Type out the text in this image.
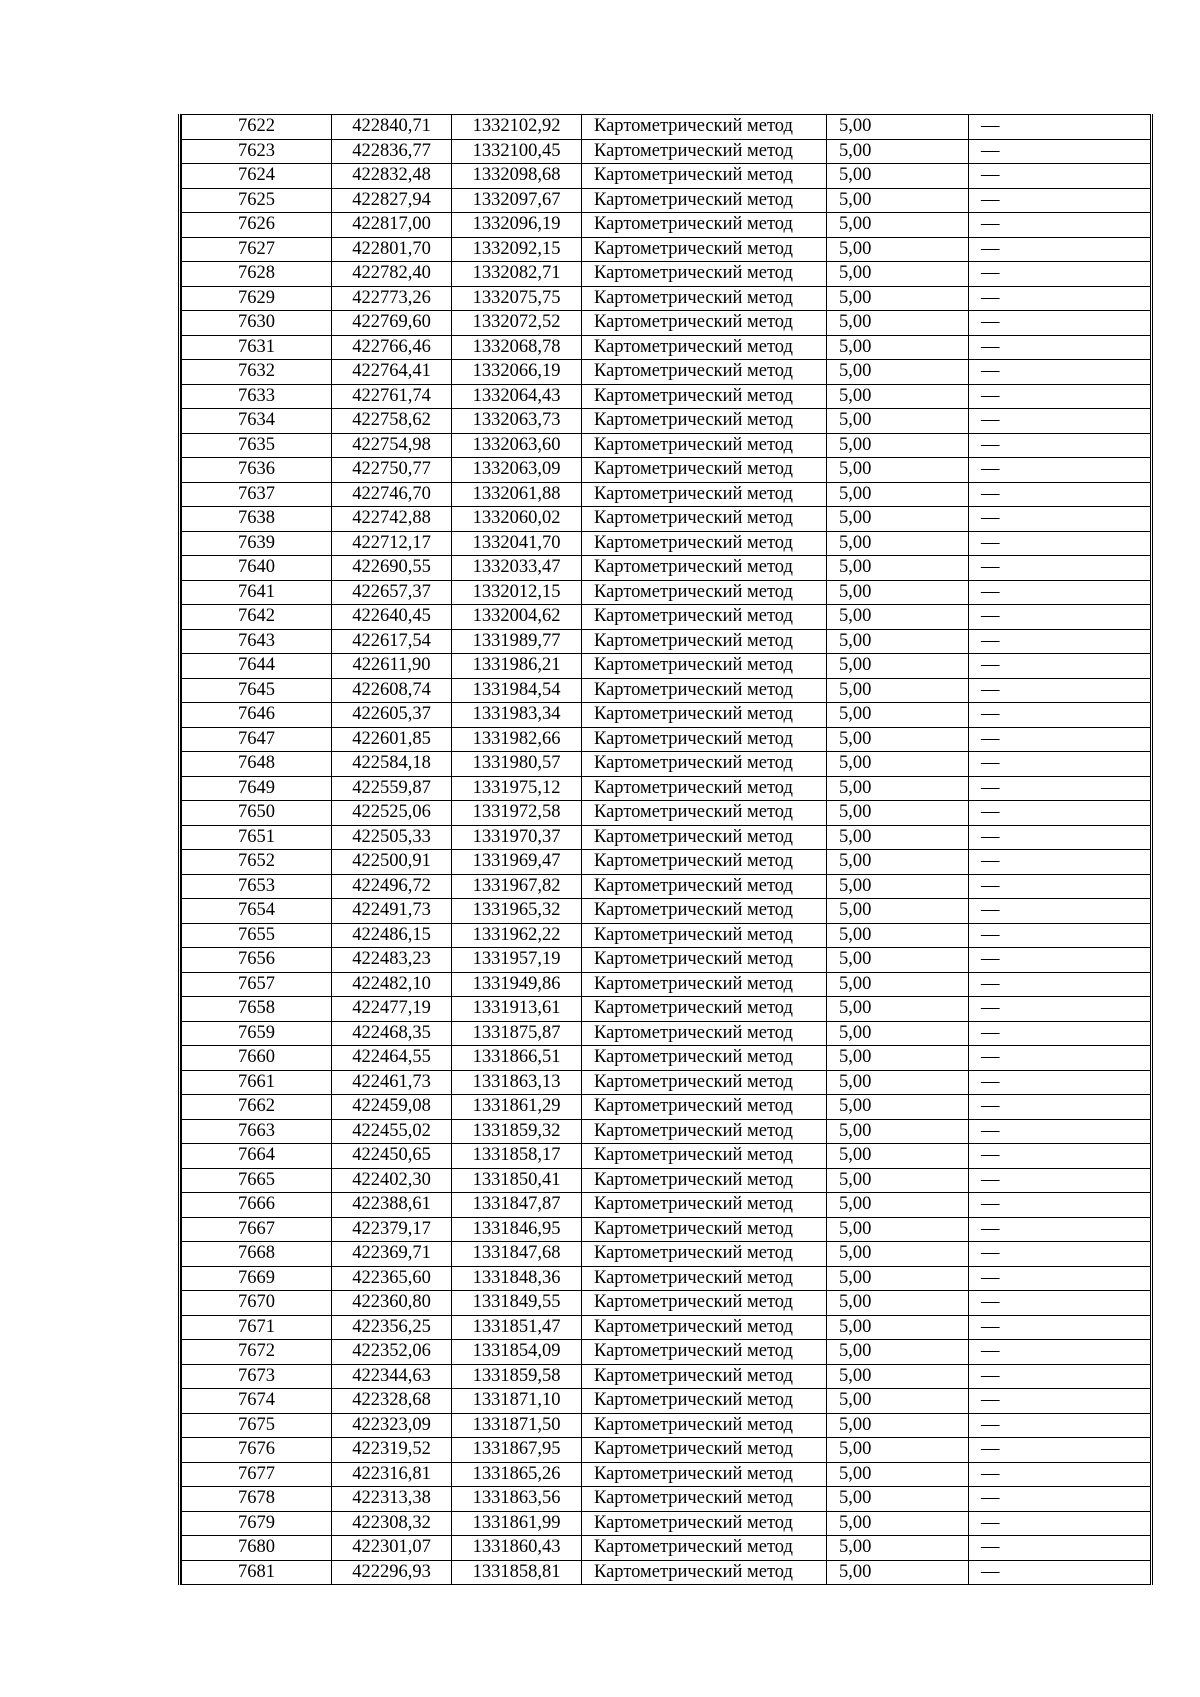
7622	422840,71	1332102,92	Картометрический метод	5,00	—
7623	422836,77	1332100,45	Картометрический метод	5,00	—
7624	422832,48	1332098,68	Картометрический метод	5,00	—
7625	422827,94	1332097,67	Картометрический метод	5,00	—
7626	422817,00	1332096,19	Картометрический метод	5,00	—
7627	422801,70	1332092,15	Картометрический метод	5,00	—
7628	422782,40	1332082,71	Картометрический метод	5,00	—
7629	422773,26	1332075,75	Картометрический метод	5,00	—
7630	422769,60	1332072,52	Картометрический метод	5,00	—
7631	422766,46	1332068,78	Картометрический метод	5,00	—
7632	422764,41	1332066,19	Картометрический метод	5,00	—
7633	422761,74	1332064,43	Картометрический метод	5,00	—
7634	422758,62	1332063,73	Картометрический метод	5,00	—
7635	422754,98	1332063,60	Картометрический метод	5,00	—
7636	422750,77	1332063,09	Картометрический метод	5,00	—
7637	422746,70	1332061,88	Картометрический метод	5,00	—
7638	422742,88	1332060,02	Картометрический метод	5,00	—
7639	422712,17	1332041,70	Картометрический метод	5,00	—
7640	422690,55	1332033,47	Картометрический метод	5,00	—
7641	422657,37	1332012,15	Картометрический метод	5,00	—
7642	422640,45	1332004,62	Картометрический метод	5,00	—
7643	422617,54	1331989,77	Картометрический метод	5,00	—
7644	422611,90	1331986,21	Картометрический метод	5,00	—
7645	422608,74	1331984,54	Картометрический метод	5,00	—
7646	422605,37	1331983,34	Картометрический метод	5,00	—
7647	422601,85	1331982,66	Картометрический метод	5,00	—
7648	422584,18	1331980,57	Картометрический метод	5,00	—
7649	422559,87	1331975,12	Картометрический метод	5,00	—
7650	422525,06	1331972,58	Картометрический метод	5,00	—
7651	422505,33	1331970,37	Картометрический метод	5,00	—
7652	422500,91	1331969,47	Картометрический метод	5,00	—
7653	422496,72	1331967,82	Картометрический метод	5,00	—
7654	422491,73	1331965,32	Картометрический метод	5,00	—
7655	422486,15	1331962,22	Картометрический метод	5,00	—
7656	422483,23	1331957,19	Картометрический метод	5,00	—
7657	422482,10	1331949,86	Картометрический метод	5,00	—
7658	422477,19	1331913,61	Картометрический метод	5,00	—
7659	422468,35	1331875,87	Картометрический метод	5,00	—
7660	422464,55	1331866,51	Картометрический метод	5,00	—
7661	422461,73	1331863,13	Картометрический метод	5,00	—
7662	422459,08	1331861,29	Картометрический метод	5,00	—
7663	422455,02	1331859,32	Картометрический метод	5,00	—
7664	422450,65	1331858,17	Картометрический метод	5,00	—
7665	422402,30	1331850,41	Картометрический метод	5,00	—
7666	422388,61	1331847,87	Картометрический метод	5,00	—
7667	422379,17	1331846,95	Картометрический метод	5,00	—
7668	422369,71	1331847,68	Картометрический метод	5,00	—
7669	422365,60	1331848,36	Картометрический метод	5,00	—
7670	422360,80	1331849,55	Картометрический метод	5,00	—
7671	422356,25	1331851,47	Картометрический метод	5,00	—
7672	422352,06	1331854,09	Картометрический метод	5,00	—
7673	422344,63	1331859,58	Картометрический метод	5,00	—
7674	422328,68	1331871,10	Картометрический метод	5,00	—
7675	422323,09	1331871,50	Картометрический метод	5,00	—
7676	422319,52	1331867,95	Картометрический метод	5,00	—
7677	422316,81	1331865,26	Картометрический метод	5,00	—
7678	422313,38	1331863,56	Картометрический метод	5,00	—
7679	422308,32	1331861,99	Картометрический метод	5,00	—
7680	422301,07	1331860,43	Картометрический метод	5,00	—
7681	422296,93	1331858,81	Картометрический метод	5,00	—
